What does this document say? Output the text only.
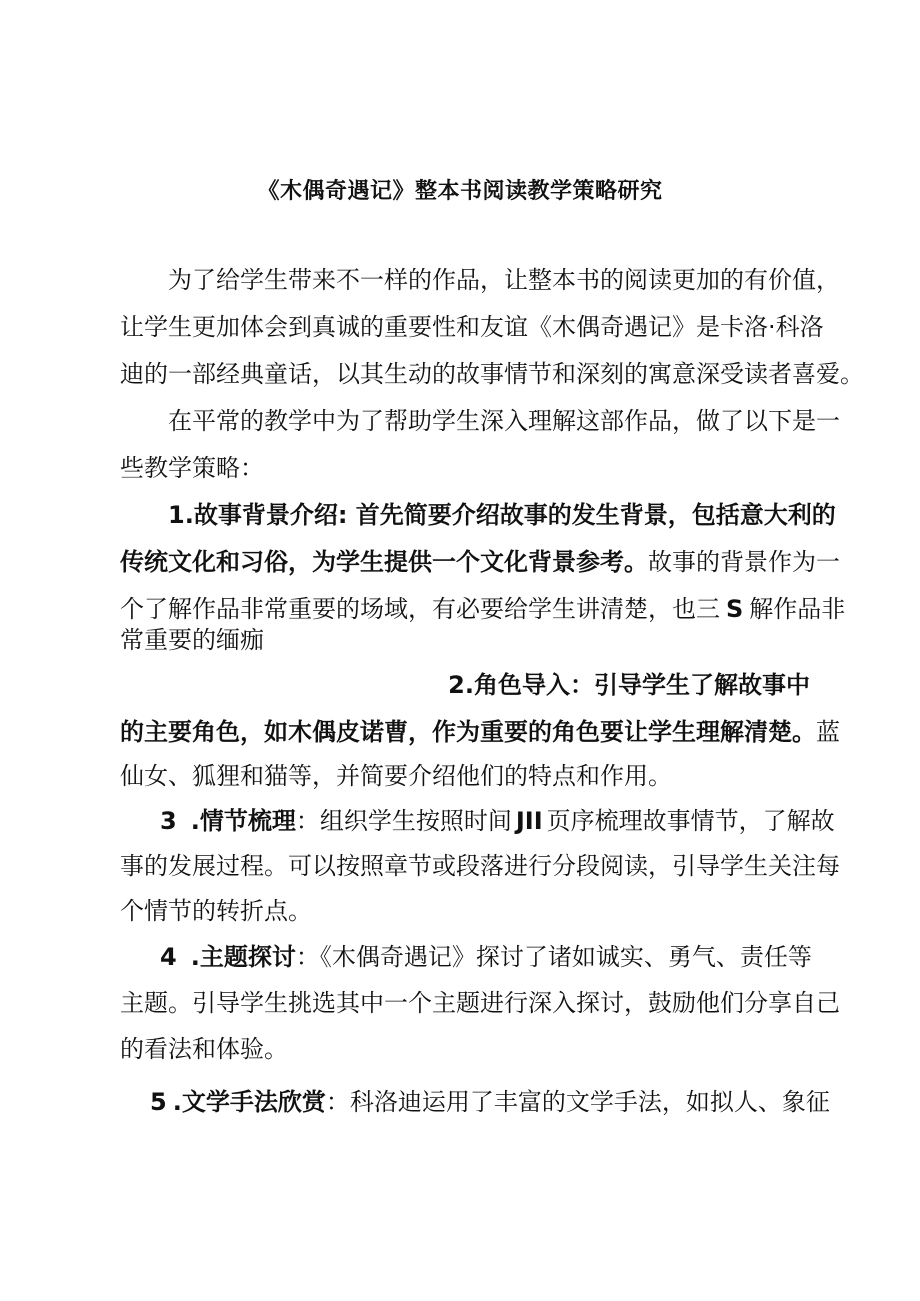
《木偶奇遇记》整本书阅读教学策略研究
为了给学生带来不一样的作品，让整本书的阅读更加的有价值，
让学生更加体会到真诚的重要性和友谊《木偶奇遇记》是卡洛·科洛
迪的一部经典童话，以其生动的故事情节和深刻的寓意深受读者喜爱。
在平常的教学中为了帮助学生深入理解这部作品，做了以下是一
些教学策略：
1.故事背景介绍: 首先简要介绍故事的发生背景，包括意大利的
传统文化和习俗，为学生提供一个文化背景参考。故事的背景作为一
个了解作品非常重要的场域，有必要给学生讲清楚，也三 S 解作品非
常重要的缅痂
2.角色导入：引导学生了解故事中
的主要角色，如木偶皮诺曹，作为重要的角色要让学生理解清楚。蓝
仙女、狐狸和猫等，并简要介绍他们的特点和作用。
3 .情节梳理：组织学生按照时间 JII 页序梳理故事情节，了解故
事的发展过程。可以按照章节或段落进行分段阅读，引导学生关注每
个情节的转折点。
4 .主题探讨：《木偶奇遇记》探讨了诸如诚实、勇气、责任等
主题。引导学生挑选其中一个主题进行深入探讨，鼓励他们分享自己
的看法和体验。
5 .文学手法欣赏：科洛迪运用了丰富的文学手法，如拟人、象征
